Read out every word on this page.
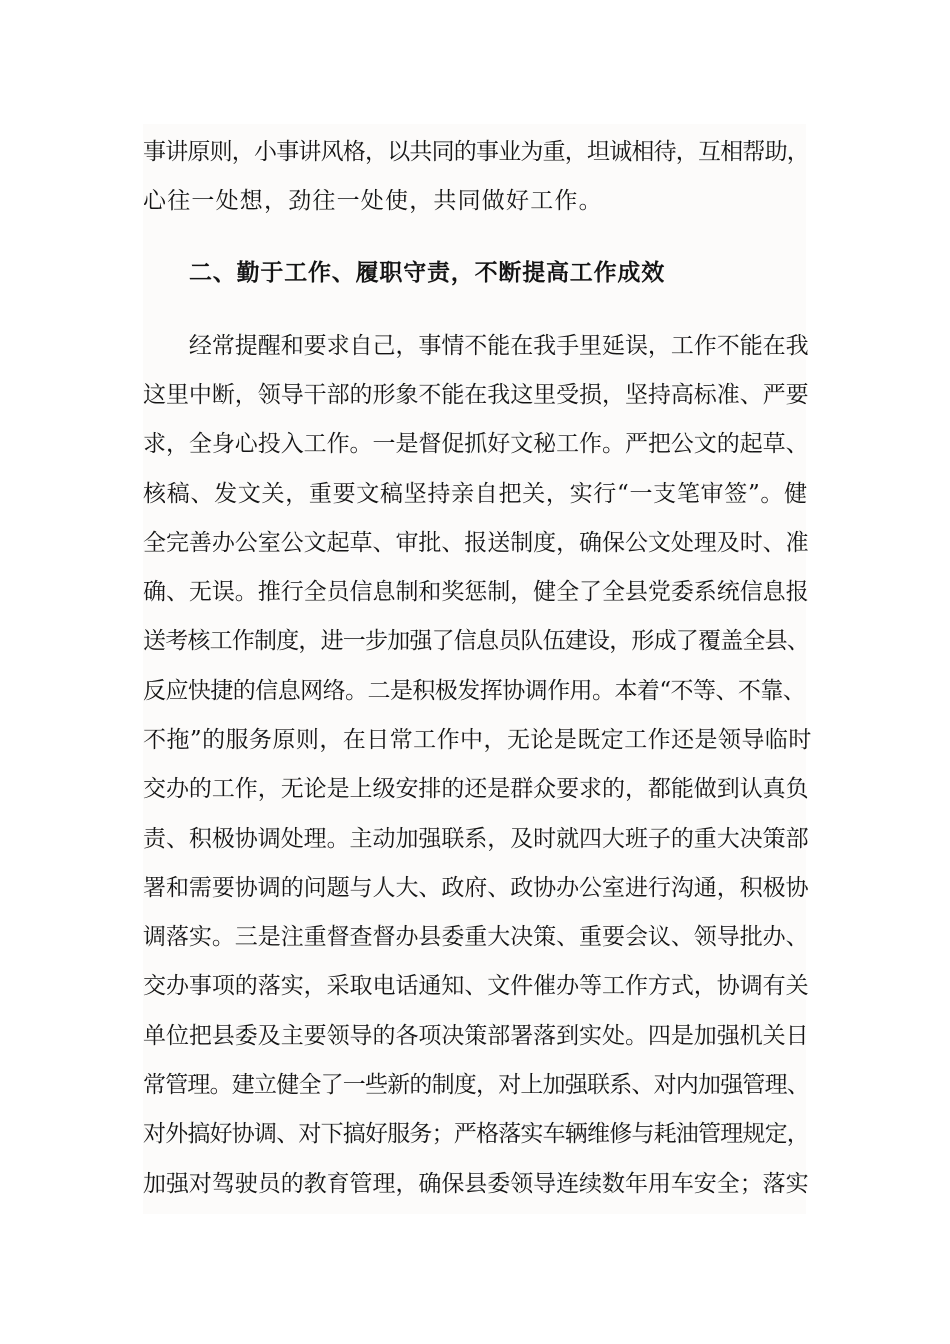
事讲原则，小事讲风格，以共同的事业为重，坦诚相待，互相帮助，
心往一处想，劲往一处使，共同做好工作。
二、勤于工作、履职守责，不断提高工作成效
　　经常提醒和要求自己，事情不能在我手里延误，工作不能在我
这里中断，领导干部的形象不能在我这里受损，坚持高标准、严要
求，全身心投入工作。一是督促抓好文秘工作。严把公文的起草、
核稿、发文关，重要文稿坚持亲自把关，实行“一支笔审签”。健
全完善办公室公文起草、审批、报送制度，确保公文处理及时、准
确、无误。推行全员信息制和奖惩制，健全了全县党委系统信息报
送考核工作制度，进一步加强了信息员队伍建设，形成了覆盖全县、
反应快捷的信息网络。二是积极发挥协调作用。本着“不等、不靠、
不拖”的服务原则，在日常工作中，无论是既定工作还是领导临时
交办的工作，无论是上级安排的还是群众要求的，都能做到认真负
责、积极协调处理。主动加强联系，及时就四大班子的重大决策部
署和需要协调的问题与人大、政府、政协办公室进行沟通，积极协
调落实。三是注重督查督办县委重大决策、重要会议、领导批办、
交办事项的落实，采取电话通知、文件催办等工作方式，协调有关
单位把县委及主要领导的各项决策部署落到实处。四是加强机关日
常管理。建立健全了一些新的制度，对上加强联系、对内加强管理、
对外搞好协调、对下搞好服务；严格落实车辆维修与耗油管理规定，
加强对驾驶员的教育管理，确保县委领导连续数年用车安全；落实
